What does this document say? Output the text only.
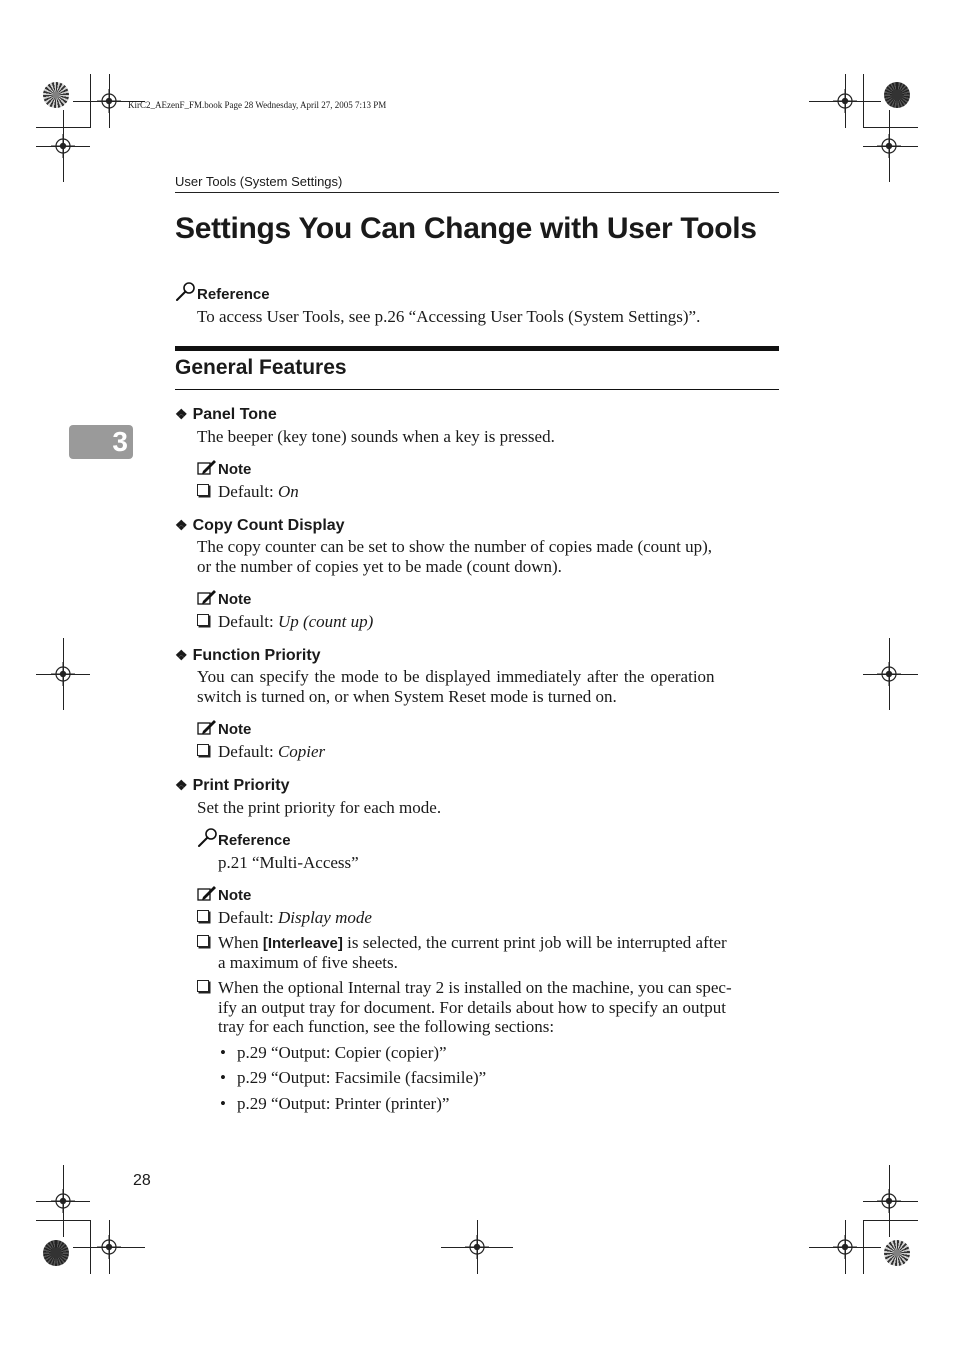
KirC2_AEzenF_FM.book Page 28 Wednesday, April 27, 2005 7:13 PM
User Tools (System Settings)
Settings You Can Change with User Tools
Reference
To access User Tools, see p.26 “Accessing User Tools (System Settings)”.
General Features
3
❖ Panel Tone
The beeper (key tone) sounds when a key is pressed.
Note
Default: On
❖ Copy Count Display
The copy counter can be set to show the number of copies made (count up),
or the number of copies yet to be made (count down).
Note
Default: Up (count up)
❖ Function Priority
You can specify the mode to be displayed immediately after the operation
switch is turned on, or when System Reset mode is turned on.
Note
Default: Copier
❖ Print Priority
Set the print priority for each mode.
Reference
p.21 “Multi-Access”
Note
Default: Display mode
When [Interleave] is selected, the current print job will be interrupted after
a maximum of five sheets.
When the optional Internal tray 2 is installed on the machine, you can spec-
ify an output tray for document. For details about how to specify an output
tray for each function, see the following sections:
• p.29 “Output: Copier (copier)”
• p.29 “Output: Facsimile (facsimile)”
• p.29 “Output: Printer (printer)”
28
